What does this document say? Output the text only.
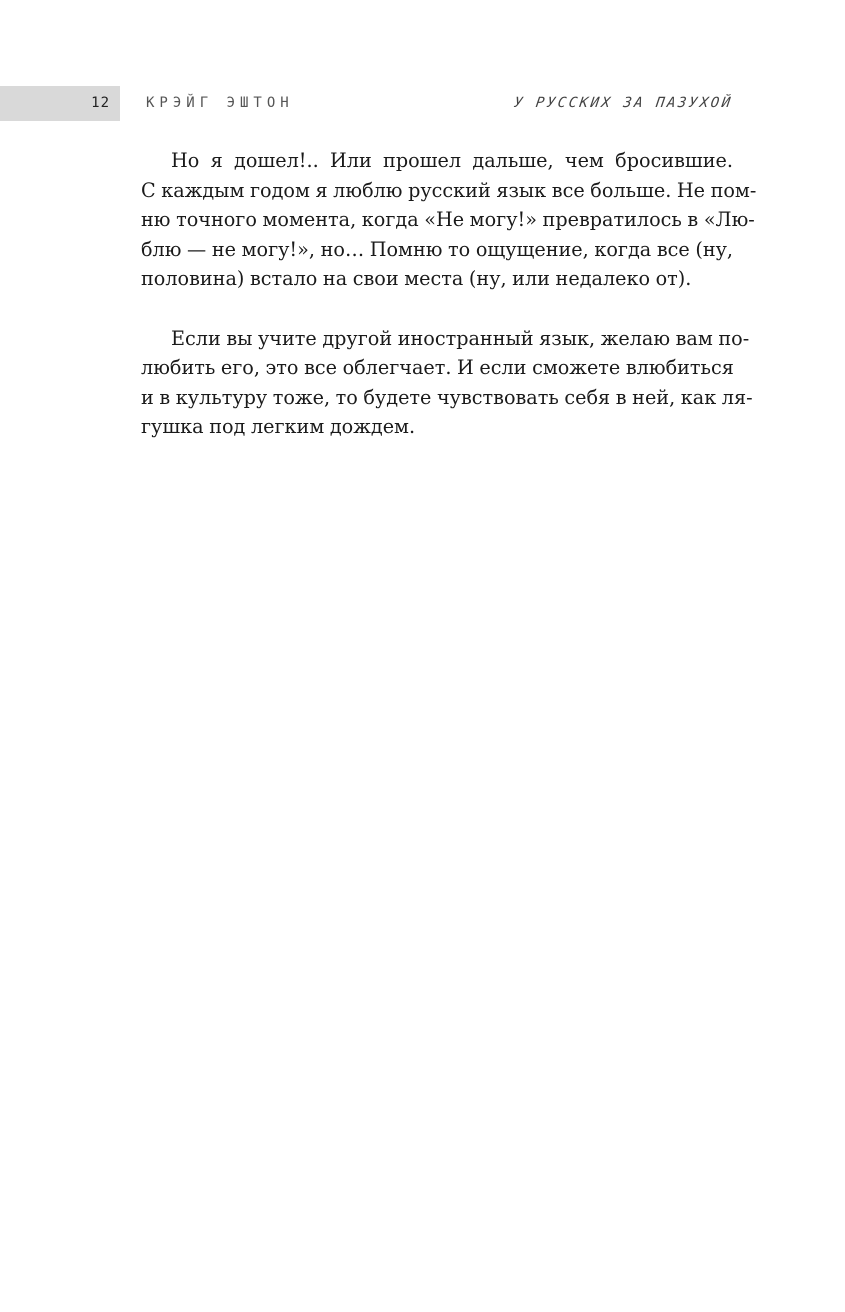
12	КРЭЙГ ЭШТОН	У РУССКИХ ЗА ПАЗУХОЙ

Но я дошел!.. Или прошел дальше, чем бросившие.
С каждым годом я люблю русский язык все больше. Не пом-
ню точного момента, когда «Не могу!» превратилось в «Лю-
блю — не могу!», но… Помню то ощущение, когда все (ну,
половина) встало на свои места (ну, или недалеко от).

Если вы учите другой иностранный язык, желаю вам по-
любить его, это все облегчает. И если сможете влюбиться
и в культуру тоже, то будете чувствовать себя в ней, как ля-
гушка под легким дождем.
